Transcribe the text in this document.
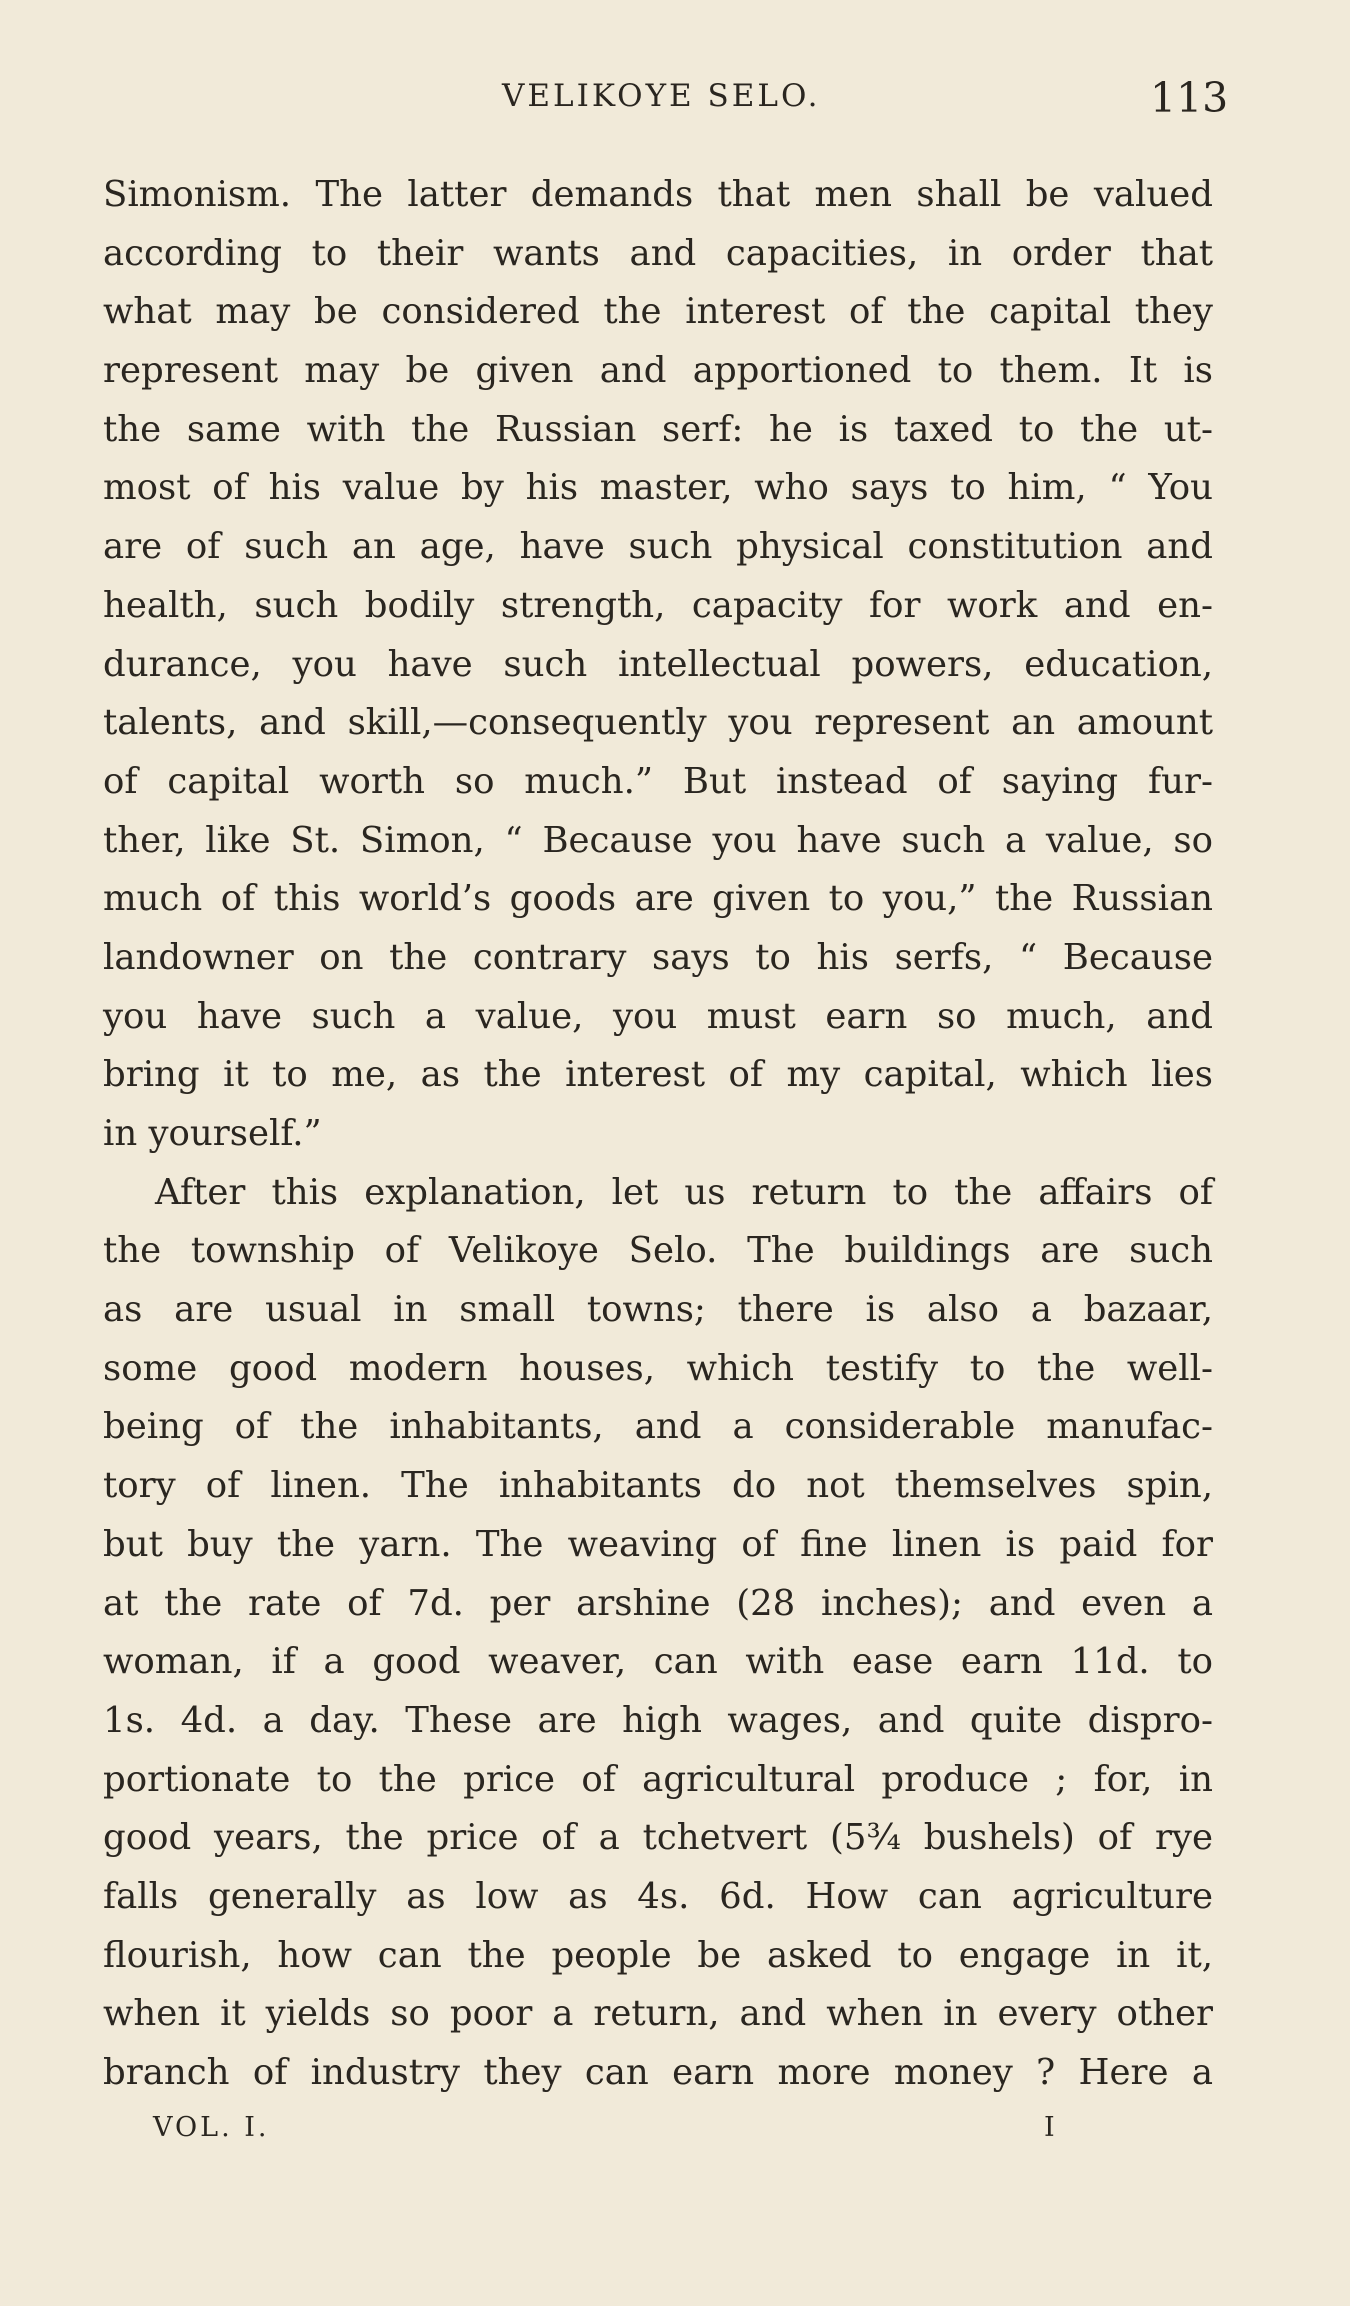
VELIKOYE SELO.	113
Simonism. The latter demands that men shall be valued
according to their wants and capacities, in order that
what may be considered the interest of the capital they
represent may be given and apportioned to them. It is
the same with the Russian serf: he is taxed to the ut-
most of his value by his master, who says to him, “ You
are of such an age, have such physical constitution and
health, such bodily strength, capacity for work and en-
durance, you have such intellectual powers, education,
talents, and skill,—consequently you represent an amount
of capital worth so much.” But instead of saying fur-
ther, like St. Simon, “ Because you have such a value, so
much of this world’s goods are given to you,” the Russian
landowner on the contrary says to his serfs, “ Because
you have such a value, you must earn so much, and
bring it to me, as the interest of my capital, which lies
in yourself.”
After this explanation, let us return to the affairs of
the township of Velikoye Selo. The buildings are such
as are usual in small towns; there is also a bazaar,
some good modern houses, which testify to the well-
being of the inhabitants, and a considerable manufac-
tory of linen. The inhabitants do not themselves spin,
but buy the yarn. The weaving of fine linen is paid for
at the rate of 7d. per arshine (28 inches); and even a
woman, if a good weaver, can with ease earn 11d. to
1s. 4d. a day. These are high wages, and quite dispro-
portionate to the price of agricultural produce ; for, in
good years, the price of a tchetvert (5¾ bushels) of rye
falls generally as low as 4s. 6d. How can agriculture
flourish, how can the people be asked to engage in it,
when it yields so poor a return, and when in every other
branch of industry they can earn more money ? Here a
VOL. I.	I
